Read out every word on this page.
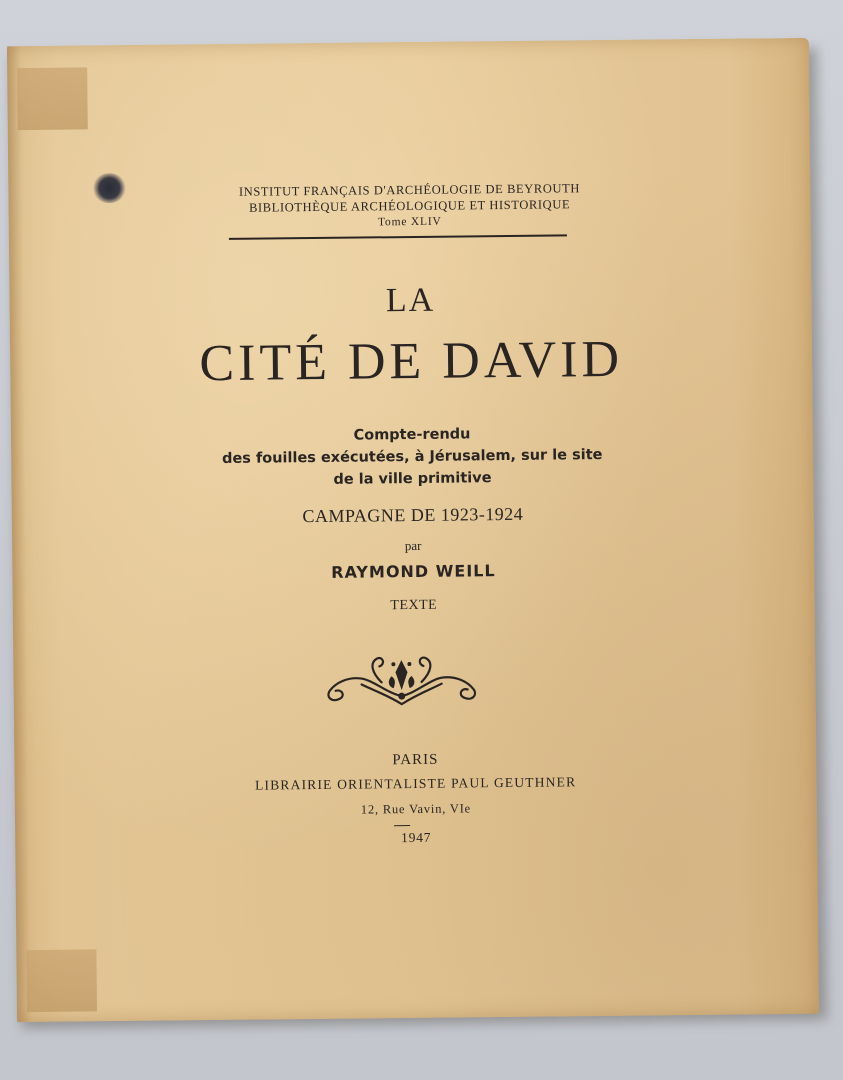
INSTITUT FRANÇAIS D'ARCHÉOLOGIE DE BEYROUTH
BIBLIOTHÈQUE ARCHÉOLOGIQUE ET HISTORIQUE
Tome XLIV
LA
CITÉ DE DAVID
Compte-rendu
des fouilles exécutées, à Jérusalem, sur le site
de la ville primitive
CAMPAGNE DE 1923-1924
par
RAYMOND WEILL
TEXTE
PARIS
LIBRAIRIE ORIENTALISTE PAUL GEUTHNER
12, Rue Vavin, VIe
1947
